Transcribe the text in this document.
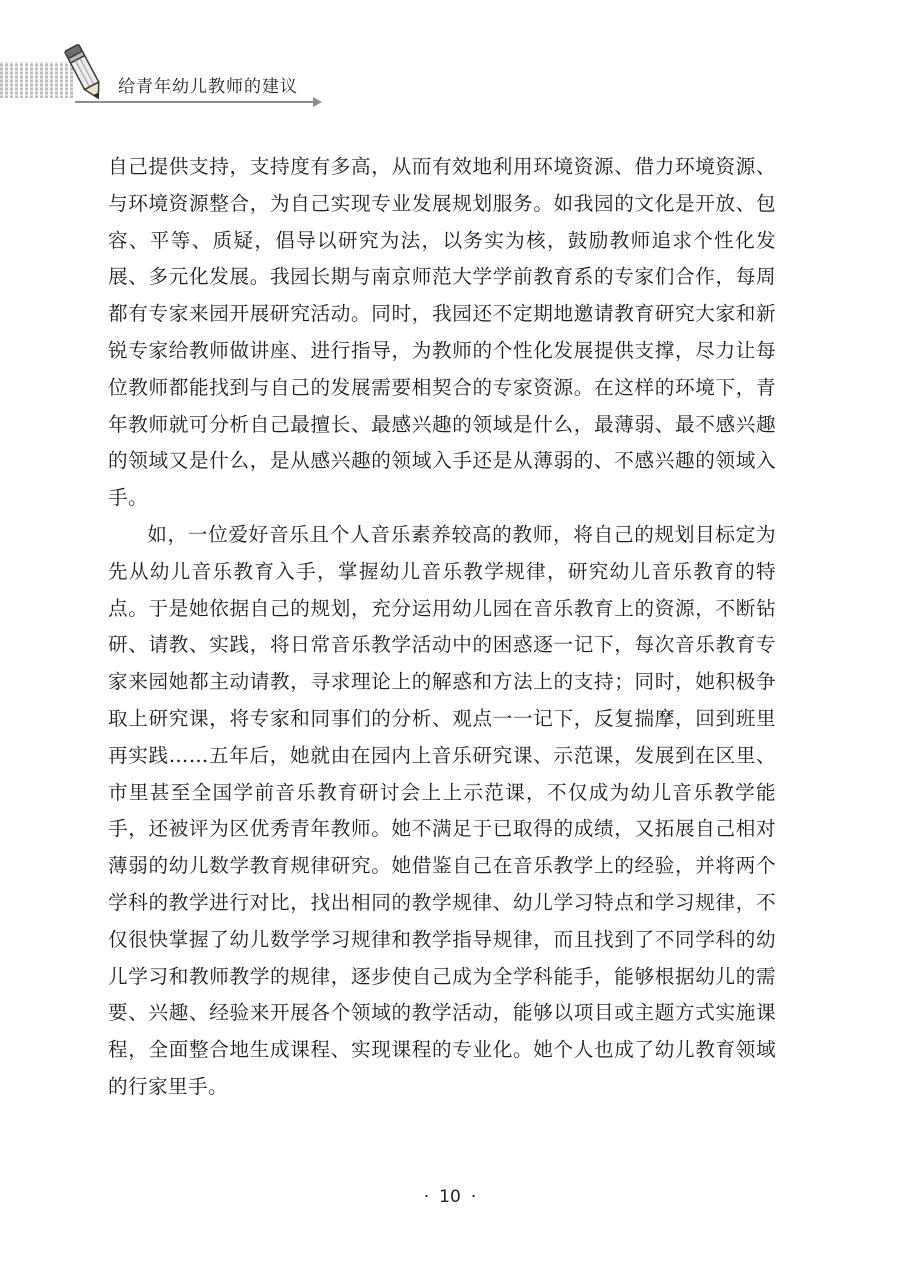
给青年幼儿教师的建议

自己提供支持，支持度有多高，从而有效地利用环境资源、借力环境资源、与环境资源整合，为自己实现专业发展规划服务。如我园的文化是开放、包容、平等、质疑，倡导以研究为法，以务实为核，鼓励教师追求个性化发展、多元化发展。我园长期与南京师范大学学前教育系的专家们合作，每周都有专家来园开展研究活动。同时，我园还不定期地邀请教育研究大家和新锐专家给教师做讲座、进行指导，为教师的个性化发展提供支撑，尽力让每位教师都能找到与自己的发展需要相契合的专家资源。在这样的环境下，青年教师就可分析自己最擅长、最感兴趣的领域是什么，最薄弱、最不感兴趣的领域又是什么，是从感兴趣的领域入手还是从薄弱的、不感兴趣的领域入手。

如，一位爱好音乐且个人音乐素养较高的教师，将自己的规划目标定为先从幼儿音乐教育入手，掌握幼儿音乐教学规律，研究幼儿音乐教育的特点。于是她依据自己的规划，充分运用幼儿园在音乐教育上的资源，不断钻研、请教、实践，将日常音乐教学活动中的困惑逐一记下，每次音乐教育专家来园她都主动请教，寻求理论上的解惑和方法上的支持；同时，她积极争取上研究课，将专家和同事们的分析、观点一一记下，反复揣摩，回到班里再实践……五年后，她就由在园内上音乐研究课、示范课，发展到在区里、市里甚至全国学前音乐教育研讨会上上示范课，不仅成为幼儿音乐教学能手，还被评为区优秀青年教师。她不满足于已取得的成绩，又拓展自己相对薄弱的幼儿数学教育规律研究。她借鉴自己在音乐教学上的经验，并将两个学科的教学进行对比，找出相同的教学规律、幼儿学习特点和学习规律，不仅很快掌握了幼儿数学学习规律和教学指导规律，而且找到了不同学科的幼儿学习和教师教学的规律，逐步使自己成为全学科能手，能够根据幼儿的需要、兴趣、经验来开展各个领域的教学活动，能够以项目或主题方式实施课程，全面整合地生成课程、实现课程的专业化。她个人也成了幼儿教育领域的行家里手。

· 10 ·
